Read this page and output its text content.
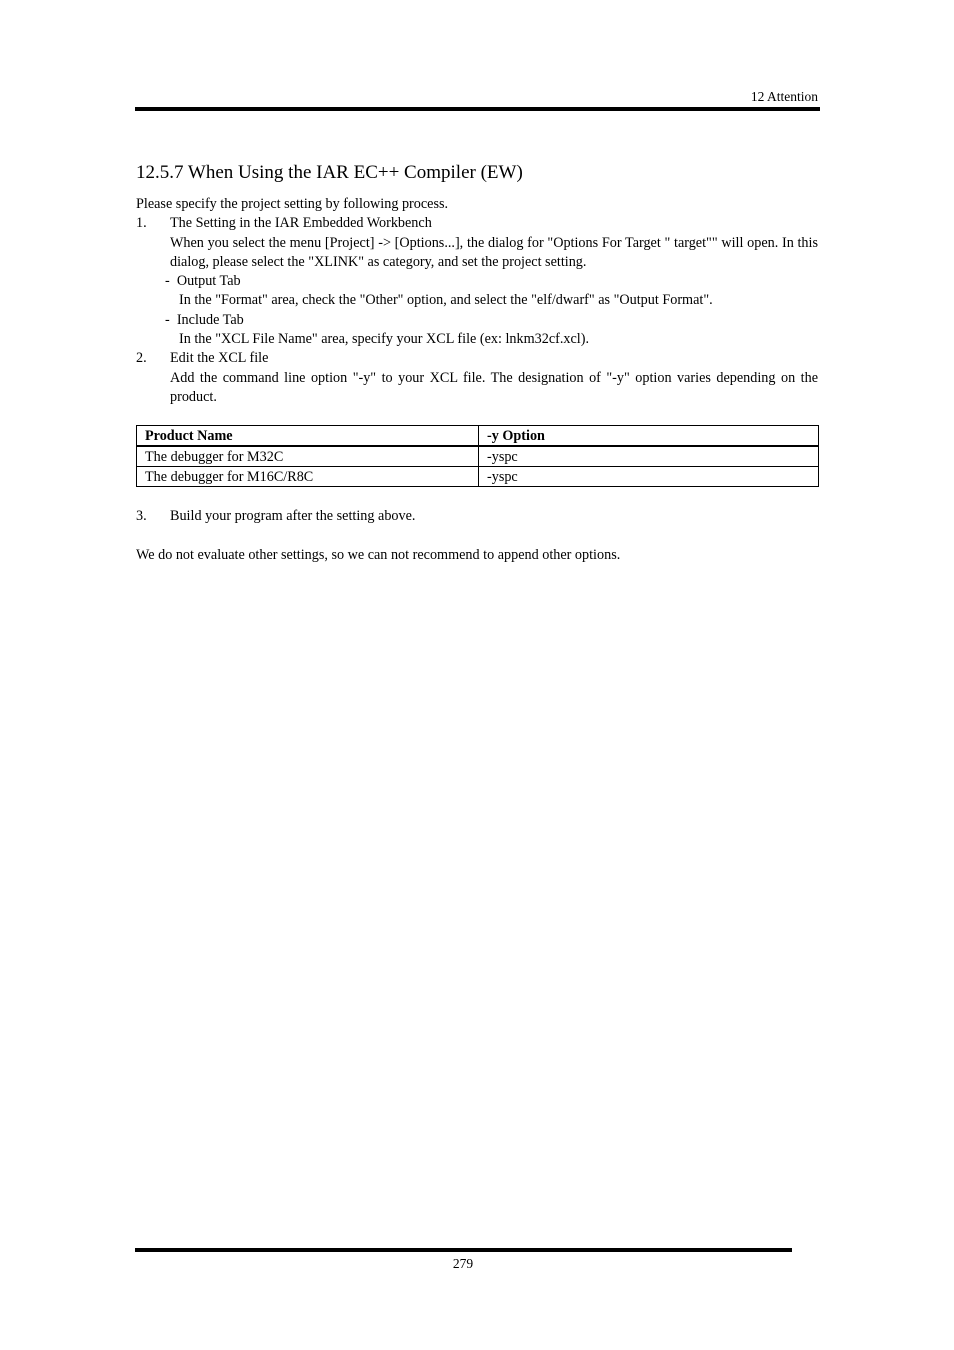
12 Attention
12.5.7 When Using the IAR EC++ Compiler (EW)

Please specify the project setting by following process.

1.	The Setting in the IAR Embedded Workbench

When you select the menu [Project] -> [Options...], the dialog for "Options For Target " target"" will open. In this dialog, please select the "XLINK" as category, and set the project setting.

- Output Tab

In the "Format" area, check the "Other" option, and select the "elf/dwarf" as "Output Format".

- Include Tab

In the "XCL File Name" area, specify your XCL file (ex: lnkm32cf.xcl).

2.	Edit the XCL file

Add the command line option "-y" to your XCL file. The designation of "-y" option varies depending on the product.

Product Name	-y Option
The debugger for M32C	-yspc
The debugger for M16C/R8C	-yspc
3.	Build your program after the setting above.

We do not evaluate other settings, so we can not recommend to append other options.

279
